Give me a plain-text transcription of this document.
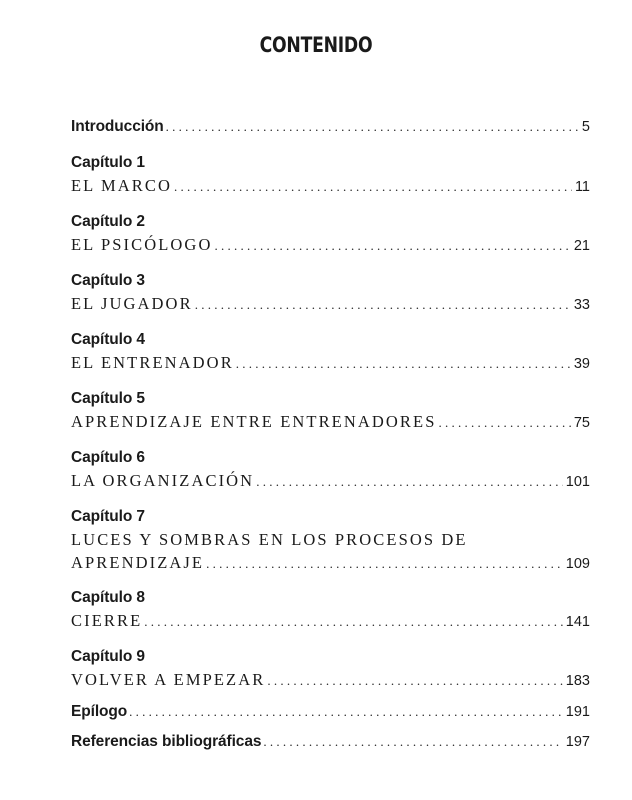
CONTENIDO
Introducción . . .	5
Capítulo 1
EL MARCO . . .	11
Capítulo 2
EL PSICÓLOGO . . .	21
Capítulo 3
EL JUGADOR . . .	33
Capítulo 4
EL ENTRENADOR . . .	39
Capítulo 5
APRENDIZAJE ENTRE ENTRENADORES . . .	75
Capítulo 6
LA ORGANIZACIÓN . . .	101
Capítulo 7
LUCES Y SOMBRAS EN LOS PROCESOS DE
APRENDIZAJE . . .	109
Capítulo 8
CIERRE . . .	141
Capítulo 9
VOLVER A EMPEZAR . . .	183
Epílogo . . .	191
Referencias bibliográficas . . .	197
